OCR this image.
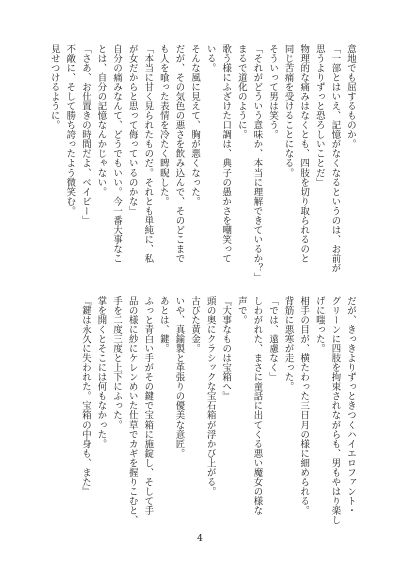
意地でも屈するものか。
「一部とはいえ、記憶がなくなるというのは、お前が
思うよりずっと恐ろしいことだ」
物理的な痛みはなくとも、四肢を切り取られるのと
同じ苦痛を受けることになる。
そういって男は笑う。
「それがどういう意味か、本当に理解できているか？」
まるで道化のように。
歌う様にふざけた口調は、典子の愚かさを嘲笑って
いる。
そんな風に見えて、胸が悪くなった。
だが、その気色の悪さを飲み込んで、そのどこまで
も人を喰った表情を冷たく睥睨した。
「本当に甘く見られたものだ。それとも単純に、私
が女だからと思って侮っているのかな」
自分の痛みなんて、どうでもいい。今一番大事なこ
とは、自分の記憶なんかじゃない。
「さあ、お仕置きの時間だよ、ベイビー」
不敵に、そして勝ち誇ったよう微笑む。
見せつけるように。
だが、きっきよりずっときつくハイエロファント・
グリーンに四肢を拘束されながらも、男もやはり楽し
げに嗤った。
相手の目が、横たわった三日月の様に細められる。
背筋に悪寒が走った。
「では、遠慮なく」
しわがれた、まさに童話に出てくる悪い魔女の様な
声で。
『大事なものは宝箱へ』
頭の奥にクラシックな宝石箱が浮かび上がる。
古びた黄金。
いや、真鍮製と革張りの優美な意匠。
あとは、鍵。
ふっと青白い手がその鍵で宝箱に施錠し、そして手
品の様に紗にケレンめいた仕草でカギを握りこむと、
手を二度三度と上下にふった。
掌を開くとそこには何もなかった。
『鍵は永久に失われた。宝箱の中身も、また』
4
